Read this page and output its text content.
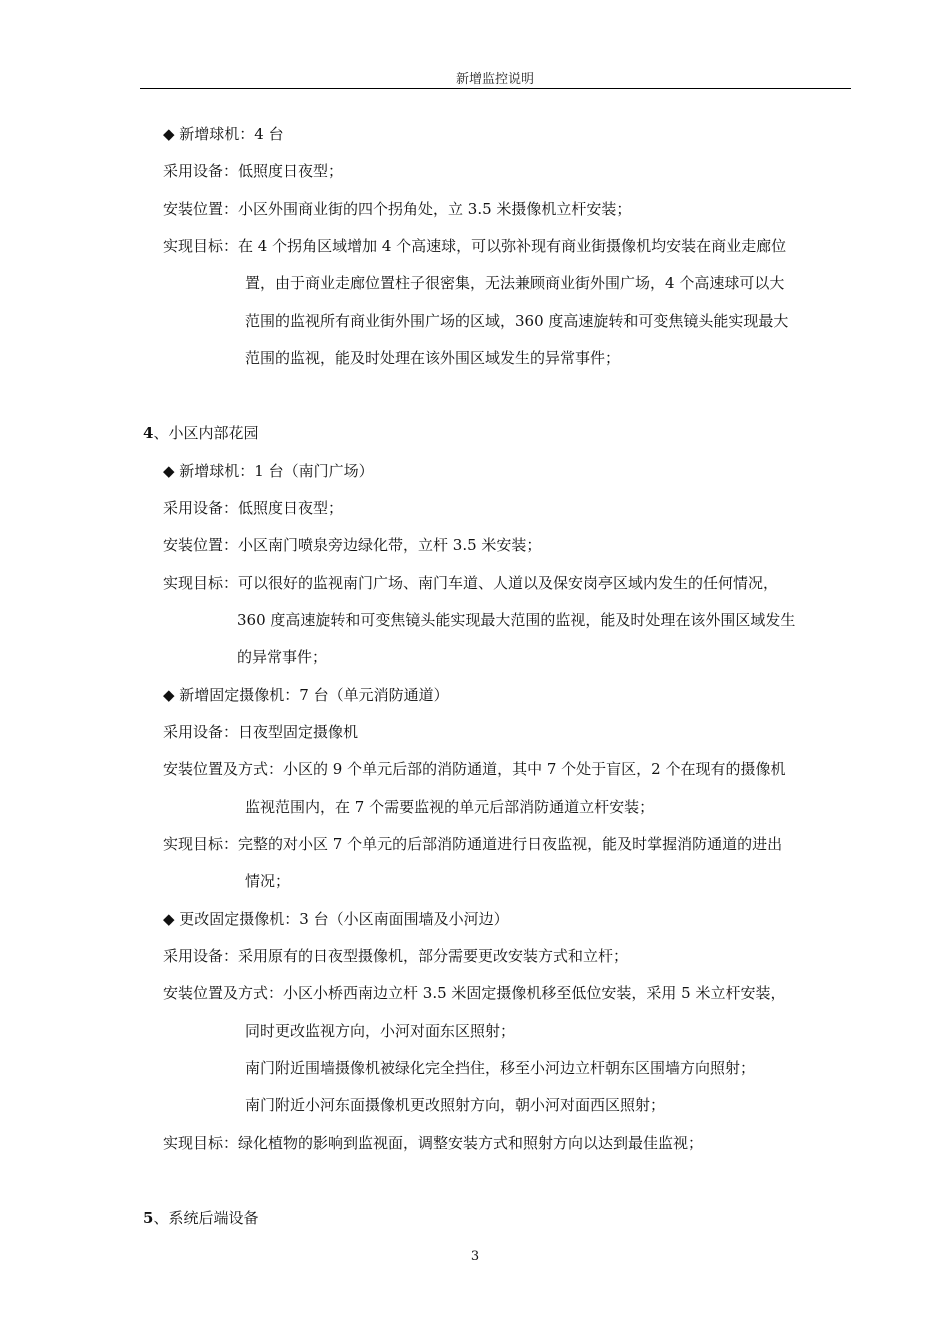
新增监控说明
◆ 新增球机：4 台
采用设备：低照度日夜型；
安装位置：小区外围商业街的四个拐角处，立 3.5 米摄像机立杆安装；
实现目标：在 4 个拐角区域增加 4 个高速球，可以弥补现有商业街摄像机均安装在商业走廊位
置，由于商业走廊位置柱子很密集，无法兼顾商业街外围广场，4 个高速球可以大
范围的监视所有商业街外围广场的区域，360 度高速旋转和可变焦镜头能实现最大
范围的监视，能及时处理在该外围区域发生的异常事件；
4、小区内部花园
◆ 新增球机：1 台（南门广场）
采用设备：低照度日夜型；
安装位置：小区南门喷泉旁边绿化带，立杆 3.5 米安装；
实现目标：可以很好的监视南门广场、南门车道、人道以及保安岗亭区域内发生的任何情况，
360 度高速旋转和可变焦镜头能实现最大范围的监视，能及时处理在该外围区域发生
的异常事件；
◆ 新增固定摄像机：7 台（单元消防通道）
采用设备：日夜型固定摄像机
安装位置及方式：小区的 9 个单元后部的消防通道，其中 7 个处于盲区，2 个在现有的摄像机
监视范围内，在 7 个需要监视的单元后部消防通道立杆安装；
实现目标：完整的对小区 7 个单元的后部消防通道进行日夜监视，能及时掌握消防通道的进出
情况；
◆ 更改固定摄像机：3 台（小区南面围墙及小河边）
采用设备：采用原有的日夜型摄像机，部分需要更改安装方式和立杆；
安装位置及方式：小区小桥西南边立杆 3.5 米固定摄像机移至低位安装，采用 5 米立杆安装，
同时更改监视方向，小河对面东区照射；
南门附近围墙摄像机被绿化完全挡住，移至小河边立杆朝东区围墙方向照射；
南门附近小河东面摄像机更改照射方向，朝小河对面西区照射；
实现目标：绿化植物的影响到监视面，调整安装方式和照射方向以达到最佳监视；
5、系统后端设备
3
